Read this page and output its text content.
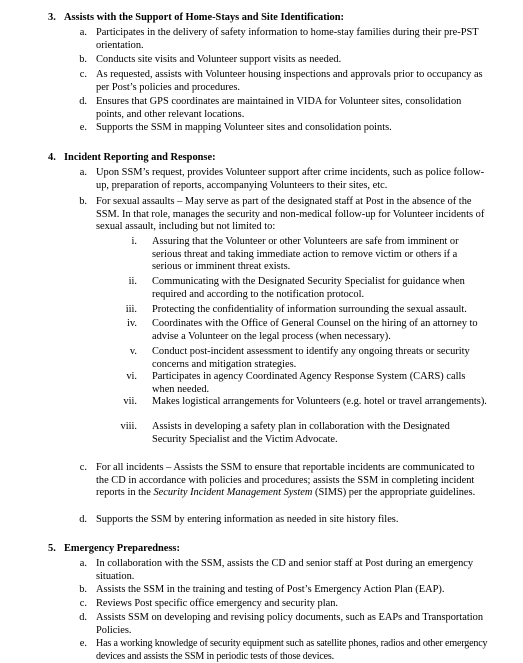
3. Assists with the Support of Home-Stays and Site Identification:
a. Participates in the delivery of safety information to home-stay families during their pre-PST orientation.
b. Conducts site visits and Volunteer support visits as needed.
c. As requested, assists with Volunteer housing inspections and approvals prior to occupancy as per Post’s policies and procedures.
d. Ensures that GPS coordinates are maintained in VIDA for Volunteer sites, consolidation points, and other relevant locations.
e. Supports the SSM in mapping Volunteer sites and consolidation points.
4. Incident Reporting and Response:
a. Upon SSM’s request, provides Volunteer support after crime incidents, such as police follow-up, preparation of reports, accompanying Volunteers to their sites, etc.
b. For sexual assaults – May serve as part of the designated staff at Post in the absence of the SSM. In that role, manages the security and non-medical follow-up for Volunteer incidents of sexual assault, including but not limited to:
i. Assuring that the Volunteer or other Volunteers are safe from imminent or serious threat and taking immediate action to remove victim or others if a serious or imminent threat exists.
ii. Communicating with the Designated Security Specialist for guidance when required and according to the notification protocol.
iii. Protecting the confidentiality of information surrounding the sexual assault.
iv. Coordinates with the Office of General Counsel on the hiring of an attorney to advise a Volunteer on the legal process (when necessary).
v. Conduct post-incident assessment to identify any ongoing threats or security concerns and mitigation strategies.
vi. Participates in agency Coordinated Agency Response System (CARS) calls when needed.
vii. Makes logistical arrangements for Volunteers (e.g. hotel or travel arrangements).
viii. Assists in developing a safety plan in collaboration with the Designated Security Specialist and the Victim Advocate.
c. For all incidents – Assists the SSM to ensure that reportable incidents are communicated to the CD in accordance with policies and procedures; assists the SSM in completing incident reports in the Security Incident Management System (SIMS) per the appropriate guidelines.
d. Supports the SSM by entering information as needed in site history files.
5. Emergency Preparedness:
a. In collaboration with the SSM, assists the CD and senior staff at Post during an emergency situation.
b. Assists the SSM in the training and testing of Post’s Emergency Action Plan (EAP).
c. Reviews Post specific office emergency and security plan.
d. Assists SSM on developing and revising policy documents, such as EAPs and Transportation Policies.
e. Has a working knowledge of security equipment such as satellite phones, radios and other emergency devices and assists the SSM in periodic tests of those devices.
